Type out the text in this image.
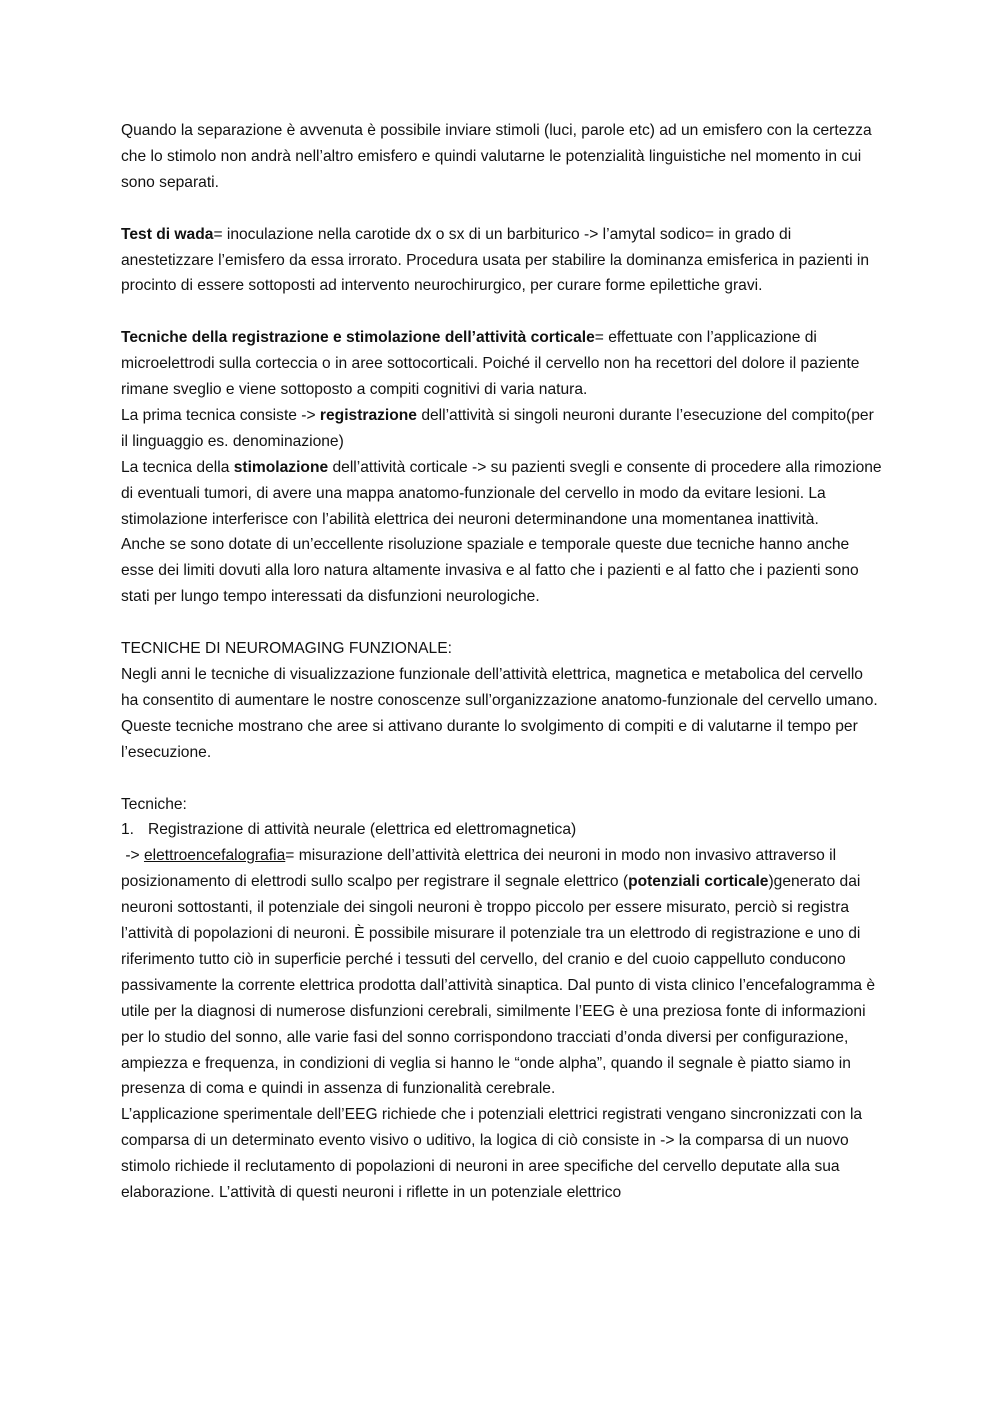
Quando la separazione è avvenuta è possibile inviare stimoli (luci, parole etc) ad un emisfero con la certezza che lo stimolo non andrà nell’altro emisfero e quindi valutarne le potenzialità linguistiche nel momento in cui sono separati.

Test di wada= inoculazione nella carotide dx o sx di un barbiturico -> l’amytal sodico= in grado di anestetizzare l’emisfero da essa irrorato. Procedura usata per stabilire la dominanza emisferica in pazienti in procinto di essere sottoposti ad intervento neurochirurgico, per curare forme epilettiche gravi.

Tecniche della registrazione e stimolazione dell’attività corticale= effettuate con l’applicazione di microelettrodi sulla corteccia o in aree sottocorticali. Poiché il cervello non ha recettori del dolore il paziente rimane sveglio e viene sottoposto a compiti cognitivi di varia natura.

La prima tecnica consiste -> registrazione dell’attività si singoli neuroni durante l’esecuzione del compito(per il linguaggio es. denominazione)

La tecnica della stimolazione dell’attività corticale -> su pazienti svegli e consente di procedere alla rimozione di eventuali tumori, di avere una mappa anatomo-funzionale del cervello in modo da evitare lesioni. La stimolazione interferisce con l’abilità elettrica dei neuroni determinandone una momentanea inattività.

Anche se sono dotate di un’eccellente risoluzione spaziale e temporale queste due tecniche hanno anche esse dei limiti dovuti alla loro natura altamente invasiva e al fatto che i pazienti e al fatto che i pazienti sono stati per lungo tempo interessati da disfunzioni neurologiche.

TECNICHE DI NEUROMAGING FUNZIONALE:

Negli anni le tecniche di visualizzazione funzionale dell’attività elettrica, magnetica e metabolica del cervello ha consentito di aumentare le nostre conoscenze sull’organizzazione anatomo-funzionale del cervello umano. Queste tecniche mostrano che aree si attivano durante lo svolgimento di compiti e di valutarne il tempo per l’esecuzione.

Tecniche:

1. Registrazione di attività neurale (elettrica ed elettromagnetica)

-> elettroencefalografia= misurazione dell’attività elettrica dei neuroni in modo non invasivo attraverso il posizionamento di elettrodi sullo scalpo per registrare il segnale elettrico (potenziali corticale)generato dai neuroni sottostanti, il potenziale dei singoli neuroni è troppo piccolo per essere misurato, perciò si registra l’attività di popolazioni di neuroni. È possibile misurare il potenziale tra un elettrodo di registrazione e uno di riferimento tutto ciò in superficie perché i tessuti del cervello, del cranio e del cuoio cappelluto conducono passivamente la corrente elettrica prodotta dall’attività sinaptica. Dal punto di vista clinico l’encefalogramma è utile per la diagnosi di numerose disfunzioni cerebrali, similmente l’EEG è una preziosa fonte di informazioni per lo studio del sonno, alle varie fasi del sonno corrispondono tracciati d’onda diversi per configurazione, ampiezza e frequenza, in condizioni di veglia si hanno le “onde alpha”, quando il segnale è piatto siamo in presenza di coma e quindi in assenza di funzionalità cerebrale.

L’applicazione sperimentale dell’EEG richiede che i potenziali elettrici registrati vengano sincronizzati con la comparsa di un determinato evento visivo o uditivo, la logica di ciò consiste in -> la comparsa di un nuovo stimolo richiede il reclutamento di popolazioni di neuroni in aree specifiche del cervello deputate alla sua elaborazione. L’attività di questi neuroni i riflette in un potenziale elettrico
